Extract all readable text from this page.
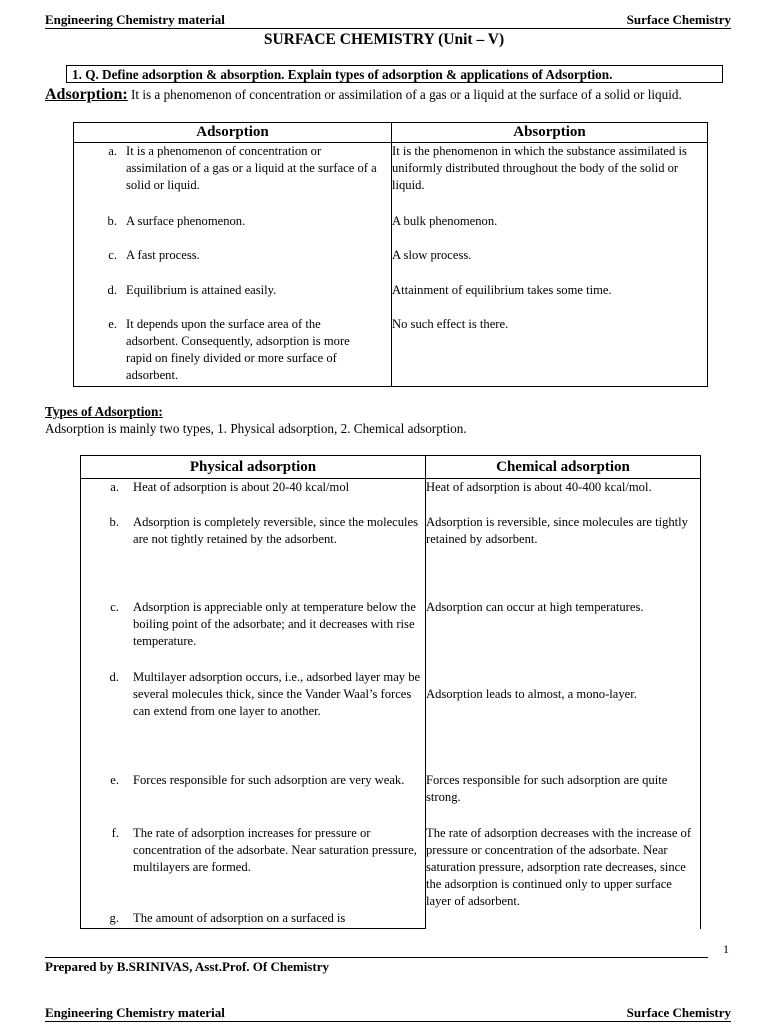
Engineering Chemistry material	Surface Chemistry
SURFACE CHEMISTRY (Unit – V)
1. Q. Define adsorption & absorption. Explain types of adsorption & applications of Adsorption.
Adsorption: It is a phenomenon of concentration or assimilation of a gas or a liquid at the surface of a solid or liquid.
Adsorption	Absorption

a. It is a phenomenon of concentration or assimilation of a gas or a liquid at the surface of a solid or liquid.	It is the phenomenon in which the substance assimilated is uniformly distributed throughout the body of the solid or liquid.

b. A surface phenomenon.	A bulk phenomenon.

c. A fast process.	A slow process.

d. Equilibrium is attained easily.	Attainment of equilibrium takes some time.

e. It depends upon the surface area of the adsorbent. Consequently, adsorption is more rapid on finely divided or more surface of adsorbent.	No such effect is there.
Types of Adsorption:
Adsorption is mainly two types, 1. Physical adsorption, 2. Chemical adsorption.
Physical adsorption	Chemical adsorption

a. Heat of adsorption is about 20-40 kcal/mol	Heat of adsorption is about 40-400 kcal/mol.

b. Adsorption is completely reversible, since the molecules are not tightly retained by the adsorbent.	Adsorption is reversible, since molecules are tightly retained by adsorbent.

c. Adsorption is appreciable only at temperature below the boiling point of the adsorbate; and it decreases with rise temperature.	Adsorption can occur at high temperatures.

d. Multilayer adsorption occurs, i.e., adsorbed layer may be several molecules thick, since the Vander Waal’s forces can extend from one layer to another.	Adsorption leads to almost, a mono-layer.

e. Forces responsible for such adsorption are very weak.	Forces responsible for such adsorption are quite strong.

f. The rate of adsorption increases for pressure or concentration of the adsorbate. Near saturation pressure, multilayers are formed.	The rate of adsorption decreases with the increase of pressure or concentration of the adsorbate. Near saturation pressure, adsorption rate decreases, since the adsorption is continued only to upper surface layer of adsorbent.

g. The amount of adsorption on a surfaced is	
1
Prepared by B.SRINIVAS, Asst.Prof. Of Chemistry
Engineering Chemistry material	Surface Chemistry
